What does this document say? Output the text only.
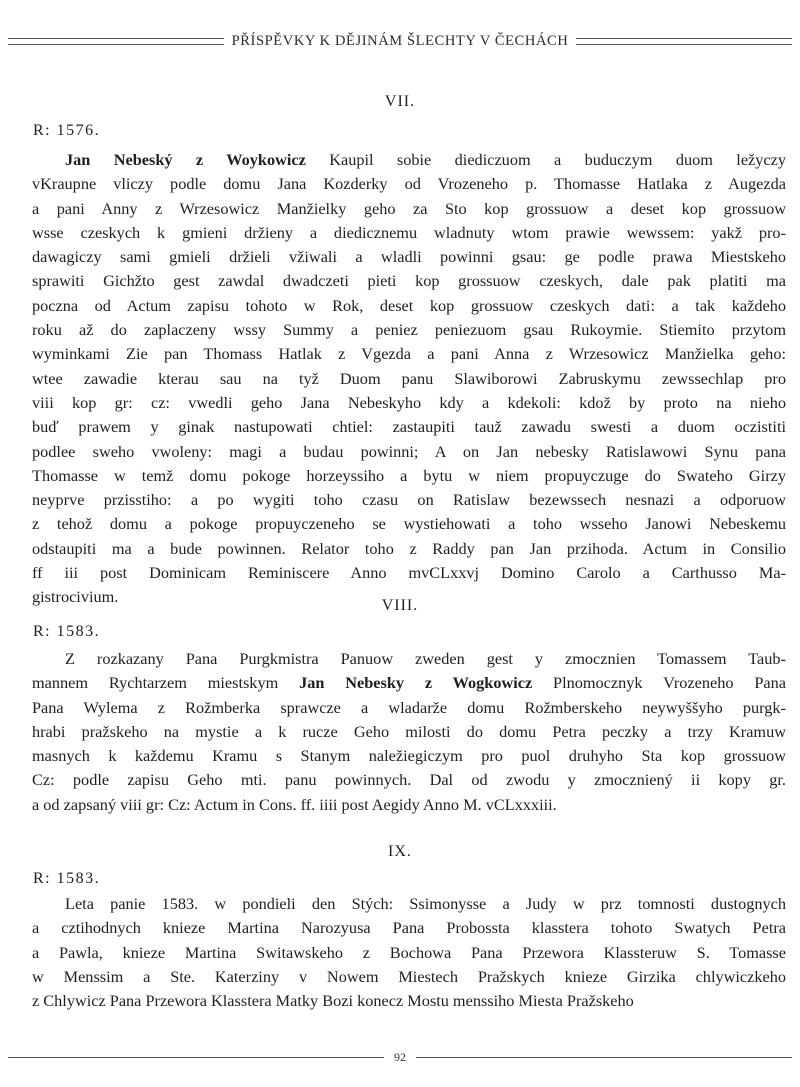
PŘÍSPĚVKY K DĚJINÁM ŠLECHTY V ČECHÁCH
VII.
R: 1576.
Jan Nebeský z Woykowicz Kaupil sobie diediczuom a buduczym duom ležyczy
vKraupne vliczy podle domu Jana Kozderky od Vrozeneho p. Thomasse Hatlaka z Augezda
a pani Anny z Wrzesowicz Manžielky geho za Sto kop grossuow a deset kop grossuow
wsse czeskych k gmieni držieny a diedicznemu wladnuty wtom prawie wewssem: yakž pro-
dawagiczy sami gmieli držieli vžiwali a wladli powinni gsau: ge podle prawa Miestskeho
sprawiti Gichžto gest zawdal dwadczeti pieti kop grossuow czeskych, dale pak platiti ma
poczna od Actum zapisu tohoto w Rok, deset kop grossuow czeskych dati: a tak každeho
roku až do zaplaczeny wssy Summy a peniez peniezuom gsau Rukoymie. Stiemito przytom
wyminkami Zie pan Thomass Hatlak z Vgezda a pani Anna z Wrzesowicz Manžielka geho:
wtee zawadie kterau sau na tyž Duom panu Slawiborowi Zabruskymu zewssechlap pro
viii kop gr: cz: vwedli geho Jana Nebeskyho kdy a kdekoli: kdož by proto na nieho
buď prawem y ginak nastupowati chtiel: zastaupiti tauž zawadu swesti a duom oczistiti
podlee sweho vwoleny: magi a budau powinni; A on Jan nebesky Ratislawowi Synu pana
Thomasse w temž domu pokoge horzeyssiho a bytu w niem propuyczuge do Swateho Girzy
neyprve przisstiho: a po wygiti toho czasu on Ratislaw bezewssech nesnazi a odporuow
z tehož domu a pokoge propuyczeneho se wystiehowati a toho wsseho Janowi Nebeskemu
odstaupiti ma a bude powinnen. Relator toho z Raddy pan Jan przihoda. Actum in Consilio
ff iii post Dominicam Reminiscere Anno mvCLxxvj Domino Carolo a Carthusso Ma-
gistrocivium.	VIII.
R: 1583.
Z rozkazany Pana Purgkmistra Panuow zweden gest y zmocznien Tomassem Taub-
mannem Rychtarzem miestskym Jan Nebesky z Wogkowicz Plnomocznyk Vrozeneho Pana
Pana Wylema z Rožmberka sprawcze a wladarže domu Rožmberskeho neywyššyho purgk-
hrabi pražskeho na mystie a k rucze Geho milosti do domu Petra peczky a trzy Kramuw
masnych k každemu Kramu s Stanym naležiegiczym pro puol druhyho Sta kop grossuow
Cz: podle zapisu Geho mti. panu powinnych. Dal od zwodu y zmoczniený ii kopy gr.
a od zapsaný viii gr: Cz: Actum in Cons. ff. iiii post Aegidy Anno M. vCLxxxiii.
IX.
R: 1583.
Leta panie 1583. w pondieli den Stých: Ssimonysse a Judy w prz tomnosti dustognych
a cztihodnych knieze Martina Narozyusa Pana Probossta klasstera tohoto Swatych Petra
a Pawla, knieze Martina Switawskeho z Bochowa Pana Przewora Klassteruw S. Tomasse
w Menssim a Ste. Katerziny v Nowem Miestech Pražskych knieze Girzika chlywiczkeho
z Chlywicz Pana Przewora Klasstera Matky Bozi konecz Mostu menssiho Miesta Pražskeho
92
